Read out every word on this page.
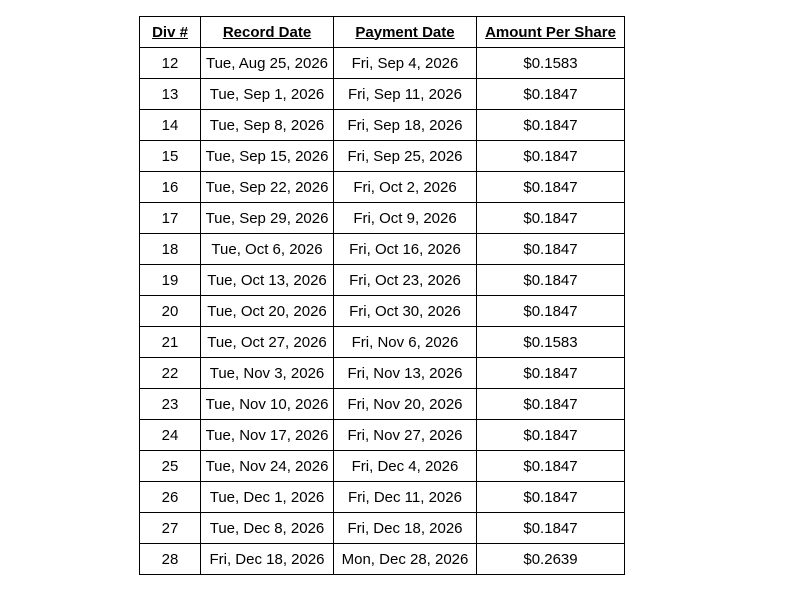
Div #	Record Date	Payment Date	Amount Per Share
12	Tue, Aug 25, 2026	Fri, Sep 4, 2026	$0.1583
13	Tue, Sep 1, 2026	Fri, Sep 11, 2026	$0.1847
14	Tue, Sep 8, 2026	Fri, Sep 18, 2026	$0.1847
15	Tue, Sep 15, 2026	Fri, Sep 25, 2026	$0.1847
16	Tue, Sep 22, 2026	Fri, Oct 2, 2026	$0.1847
17	Tue, Sep 29, 2026	Fri, Oct 9, 2026	$0.1847
18	Tue, Oct 6, 2026	Fri, Oct 16, 2026	$0.1847
19	Tue, Oct 13, 2026	Fri, Oct 23, 2026	$0.1847
20	Tue, Oct 20, 2026	Fri, Oct 30, 2026	$0.1847
21	Tue, Oct 27, 2026	Fri, Nov 6, 2026	$0.1583
22	Tue, Nov 3, 2026	Fri, Nov 13, 2026	$0.1847
23	Tue, Nov 10, 2026	Fri, Nov 20, 2026	$0.1847
24	Tue, Nov 17, 2026	Fri, Nov 27, 2026	$0.1847
25	Tue, Nov 24, 2026	Fri, Dec 4, 2026	$0.1847
26	Tue, Dec 1, 2026	Fri, Dec 11, 2026	$0.1847
27	Tue, Dec 8, 2026	Fri, Dec 18, 2026	$0.1847
28	Fri, Dec 18, 2026	Mon, Dec 28, 2026	$0.2639
